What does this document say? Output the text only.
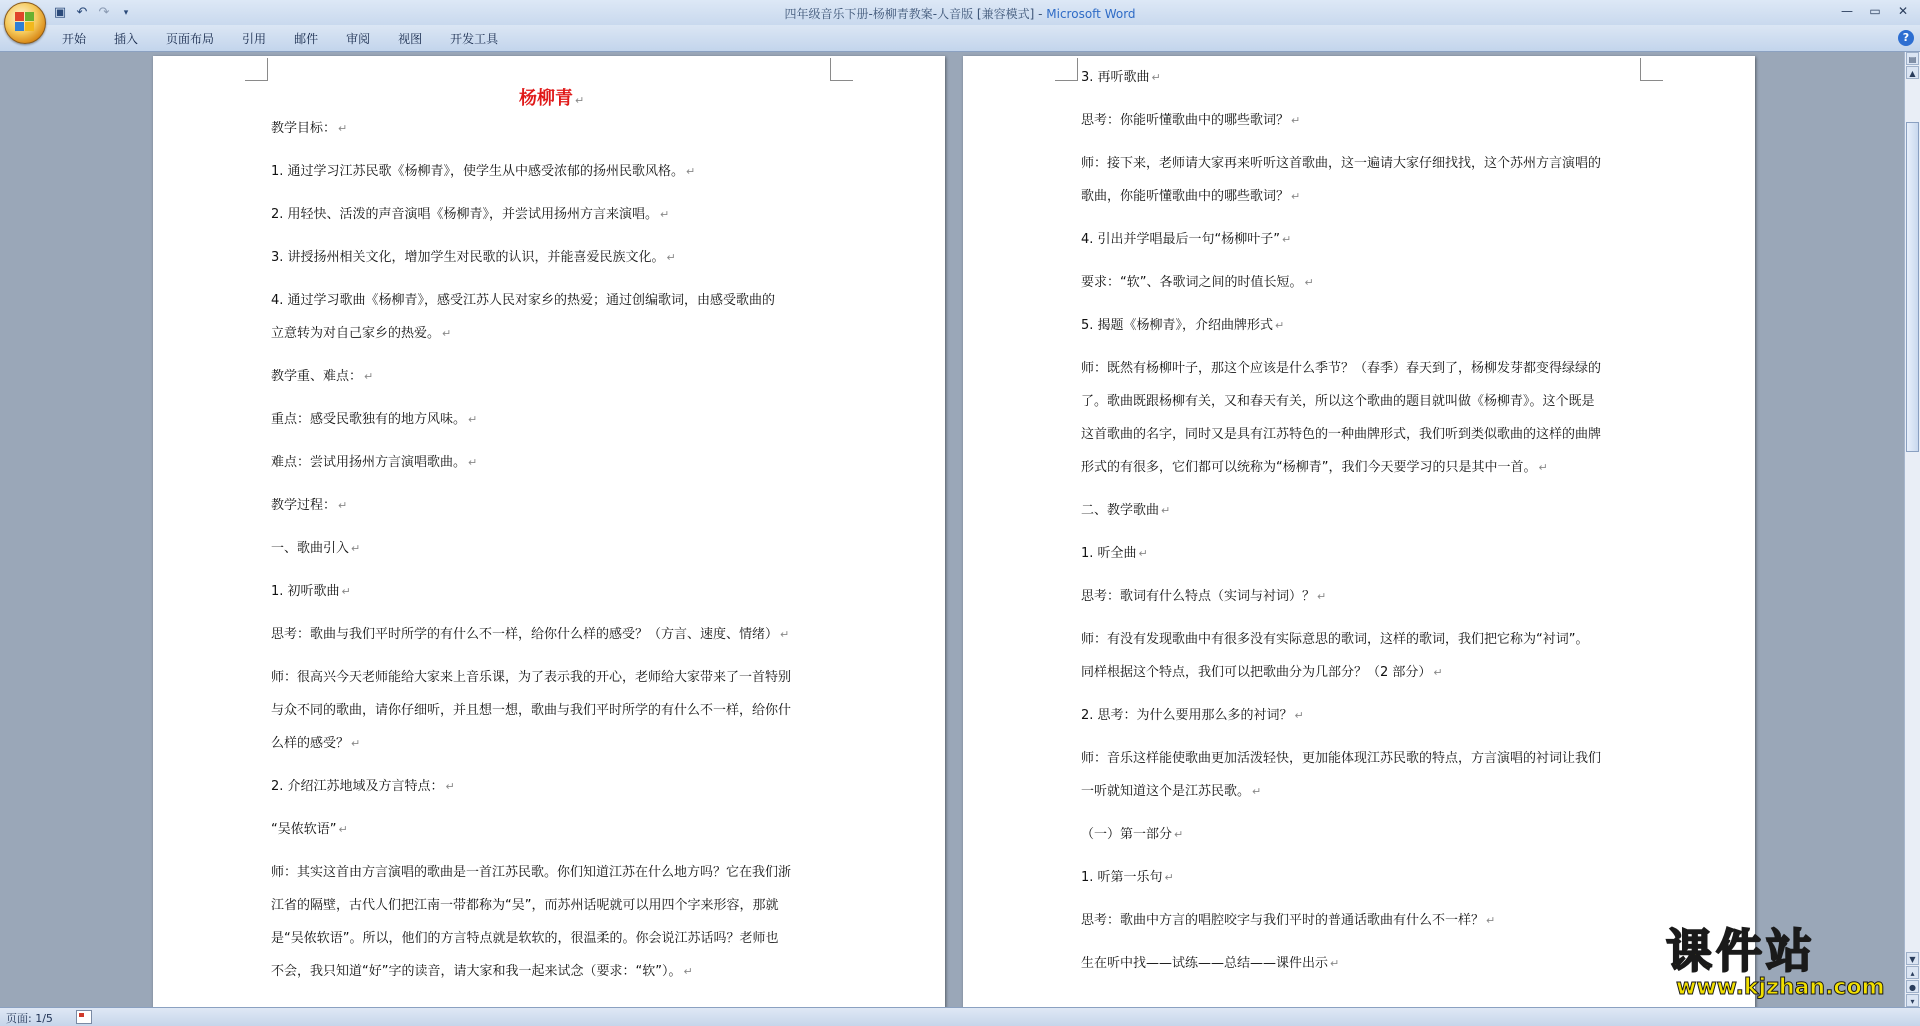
▣ ↶ ↷	▾	四年级音乐下册-杨柳青教案-人音版 [兼容模式] - Microsoft Word	—	▭	✕
开始	插入	页面布局	引用	邮件	审阅	视图	开发工具	?
杨柳青 ↵
教学目标： ↵
1. 通过学习江苏民歌《杨柳青》，使学生从中感受浓郁的扬州民歌风格。 ↵
2. 用轻快、活泼的声音演唱《杨柳青》，并尝试用扬州方言来演唱。 ↵
3. 讲授扬州相关文化，增加学生对民歌的认识，并能喜爱民族文化。 ↵
4. 通过学习歌曲《杨柳青》，感受江苏人民对家乡的热爱；通过创编歌词，由感受歌曲的
立意转为对自己家乡的热爱。 ↵
教学重、难点： ↵
重点：感受民歌独有的地方风味。 ↵
难点：尝试用扬州方言演唱歌曲。 ↵
教学过程： ↵
一、歌曲引入 ↵
1. 初听歌曲 ↵
思考：歌曲与我们平时所学的有什么不一样，给你什么样的感受？（方言、速度、情绪） ↵
师：很高兴今天老师能给大家来上音乐课，为了表示我的开心，老师给大家带来了一首特别
与众不同的歌曲，请你仔细听，并且想一想，歌曲与我们平时所学的有什么不一样，给你什
么样的感受？ ↵
2. 介绍江苏地域及方言特点： ↵
“吴侬软语” ↵
师：其实这首由方言演唱的歌曲是一首江苏民歌。你们知道江苏在什么地方吗？它在我们浙
江省的隔壁，古代人们把江南一带都称为“吴”，而苏州话呢就可以用四个字来形容，那就
是“吴侬软语”。所以，他们的方言特点就是软软的，很温柔的。你会说江苏话吗？老师也
不会，我只知道“好”字的读音，请大家和我一起来试念（要求：“软”）。 ↵
3. 再听歌曲 ↵
思考：你能听懂歌曲中的哪些歌词？ ↵
师：接下来，老师请大家再来听听这首歌曲，这一遍请大家仔细找找，这个苏州方言演唱的
歌曲，你能听懂歌曲中的哪些歌词？ ↵
4. 引出并学唱最后一句“杨柳叶子” ↵
要求：“软”、各歌词之间的时值长短。 ↵
5. 揭题《杨柳青》，介绍曲牌形式 ↵
师：既然有杨柳叶子，那这个应该是什么季节？（春季）春天到了，杨柳发芽都变得绿绿的
了。歌曲既跟杨柳有关，又和春天有关，所以这个歌曲的题目就叫做《杨柳青》。这个既是
这首歌曲的名字，同时又是具有江苏特色的一种曲牌形式，我们听到类似歌曲的这样的曲牌
形式的有很多，它们都可以统称为“杨柳青”，我们今天要学习的只是其中一首。 ↵
二、教学歌曲 ↵
1. 听全曲 ↵
思考：歌词有什么特点（实词与衬词）？ ↵
师：有没有发现歌曲中有很多没有实际意思的歌词，这样的歌词，我们把它称为“衬词”。
同样根据这个特点，我们可以把歌曲分为几部分？（2 部分） ↵
2. 思考：为什么要用那么多的衬词？ ↵
师：音乐这样能使歌曲更加活泼轻快，更加能体现江苏民歌的特点，方言演唱的衬词让我们
一听就知道这个是江苏民歌。 ↵
（一）第一部分 ↵
1. 听第一乐句 ↵
思考：歌曲中方言的唱腔咬字与我们平时的普通话歌曲有什么不一样？ ↵
生在听中找——试练——总结——课件出示 ↵
▤
▲
▼
▴
●
▾
课件站
www.kjzhan.com
页面: 1/5
